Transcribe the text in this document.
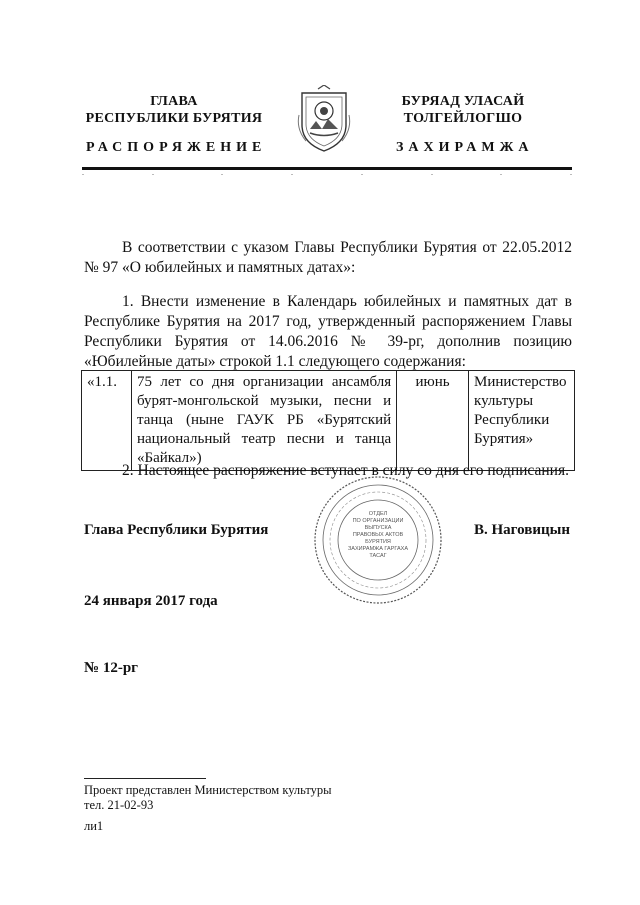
ГЛАВА
РЕСПУБЛИКИ БУРЯТИЯ
РАСПОРЯЖЕНИЕ
БУРЯАД УЛАСАЙ
ТОЛГЕЙЛОГШО
ЗАХИРАМЖА
В соответствии с указом Главы Республики Бурятия от 22.05.2012 № 97 «О юбилейных и памятных датах»:
1. Внести изменение в Календарь юбилейных и памятных дат в Республике Бурятия на 2017 год, утвержденный распоряжением Главы Республики Бурятия от 14.06.2016 № 39-рг, дополнив позицию «Юбилейные даты» строкой 1.1 следующего содержания:
«1.1.	75 лет со дня организации ансамбля бурят-монгольской музыки, песни и танца (ныне ГАУК РБ «Бурятский национальный театр песни и танца «Байкал»)	июнь	Министерство культуры Республики Бурятия»
2. Настоящее распоряжение вступает в силу со дня его подписания.
Глава Республики Бурятия	В. Наговицын
ОТДЕЛ
ПО ОРГАНИЗАЦИИ
ВЫПУСКА
ПРАВОВЫХ АКТОВ
БУРЯТИЯ
ЗАХИРАМЖА ГАРГАХА
ТАСАГ
24 января 2017 года
№ 12-рг
Проект представлен Министерством культуры
тел. 21-02-93
ли1
